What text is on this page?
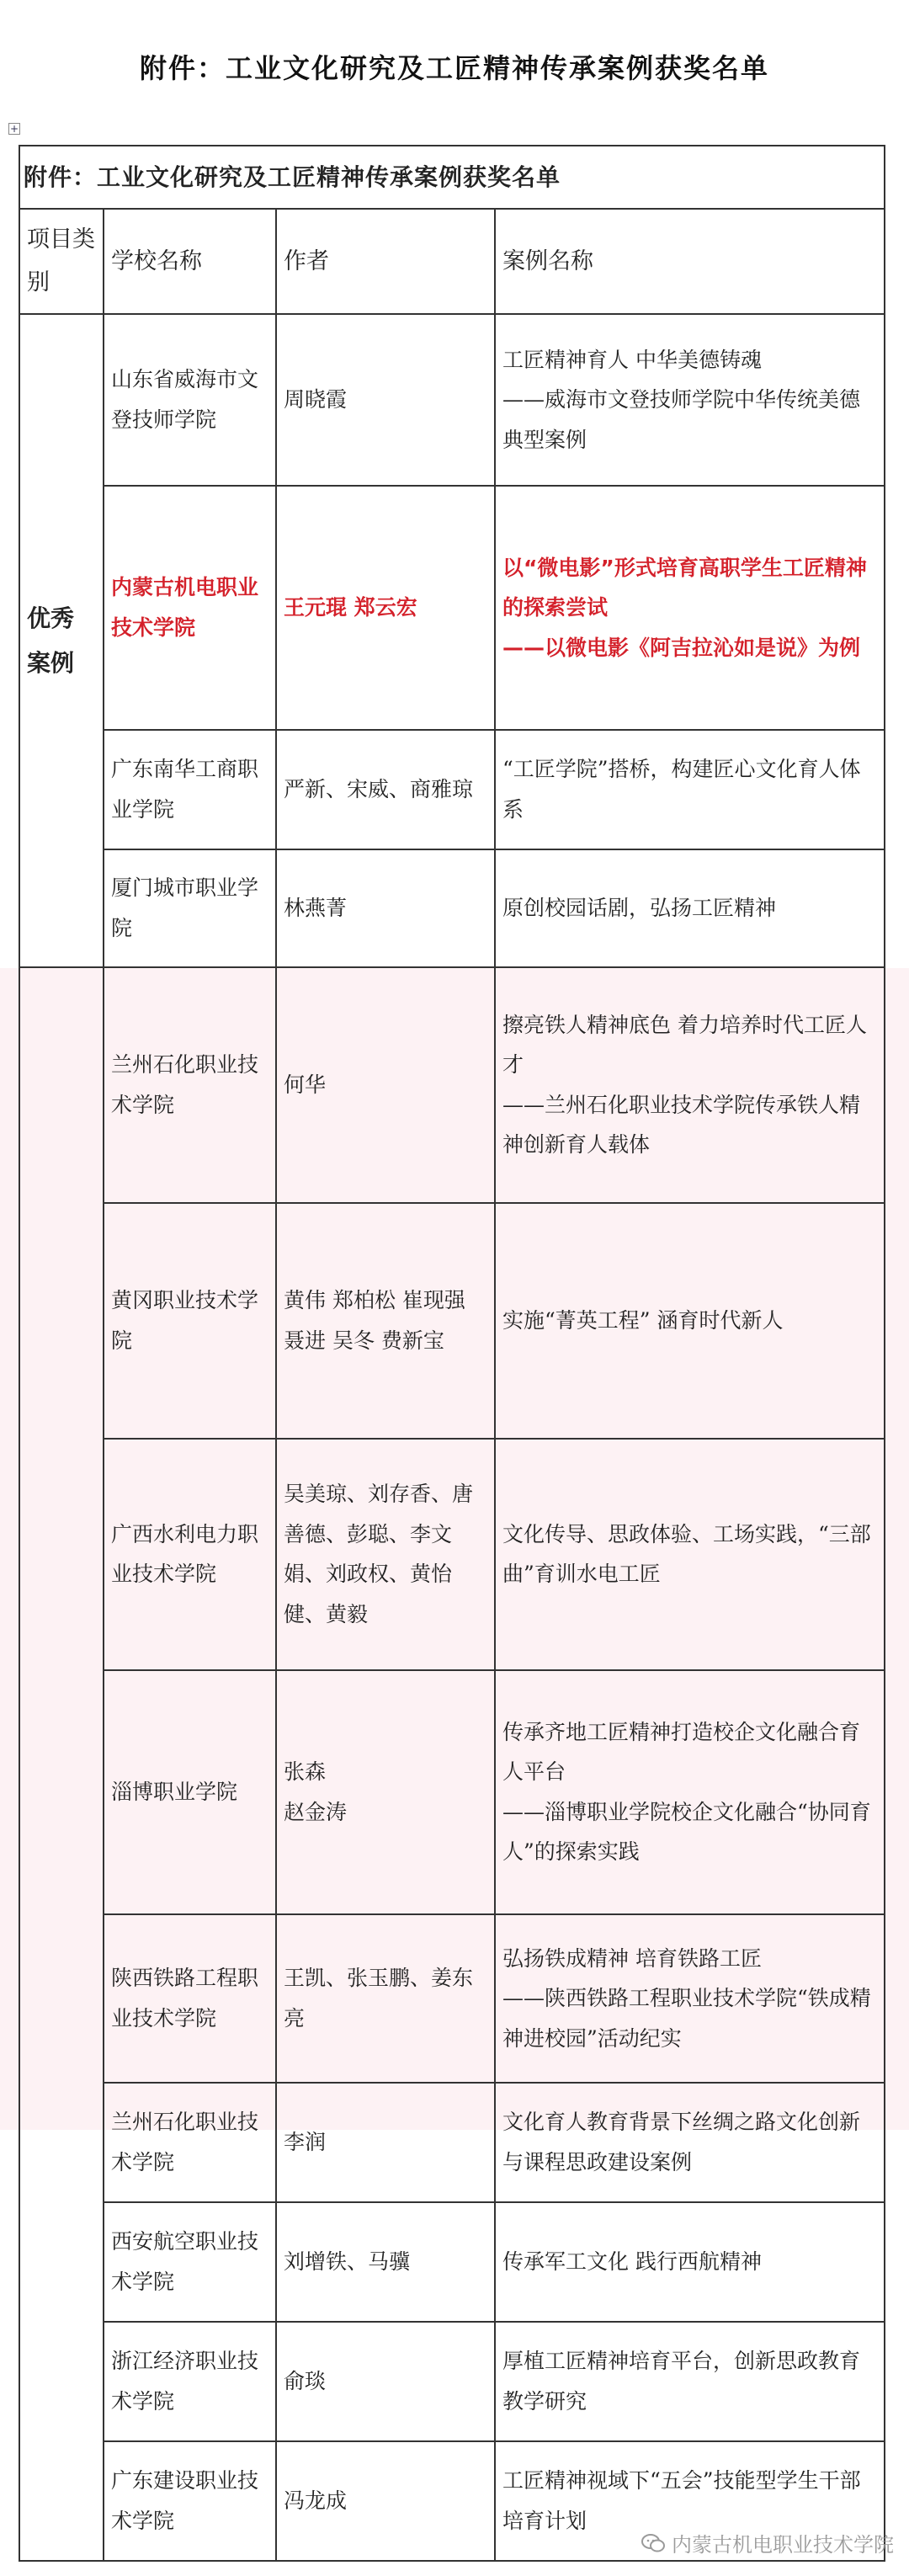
附件：工业文化研究及工匠精神传承案例获奖名单
+
附件：工业文化研究及工匠精神传承案例获奖名单			
项目类别	学校名称	作者	案例名称
优秀案例	山东省威海市文登技师学院	周晓霞	工匠精神育人 中华美德铸魂
——威海市文登技师学院中华传统美德典型案例

	内蒙古机电职业技术学院	王元琨 郑云宏	以“微电影”形式培育高职学生工匠精神的探索尝试
——以微电影《阿吉拉沁如是说》为例

	广东南华工商职业学院	严新、宋威、商雅琼	“工匠学院”搭桥，构建匠心文化育人体系

	厦门城市职业学院	林燕菁	原创校园话剧，弘扬工匠精神

	兰州石化职业技术学院	何华	擦亮铁人精神底色 着力培养时代工匠人才
——兰州石化职业技术学院传承铁人精神创新育人载体

	黄冈职业技术学院	黄伟 郑柏松 崔现强
聂进 吴冬 费新宝	实施“菁英工程” 涵育时代新人

	广西水利电力职业技术学院	吴美琼、刘存香、唐善德、彭聪、李文娟、刘政权、黄怡健、黄毅	文化传导、思政体验、工场实践，“三部曲”育训水电工匠

	淄博职业学院	张森
赵金涛	传承齐地工匠精神打造校企文化融合育人平台
——淄博职业学院校企文化融合“协同育人”的探索实践

	陕西铁路工程职业技术学院	王凯、张玉鹏、姜东亮	弘扬铁成精神 培育铁路工匠
——陕西铁路工程职业技术学院“铁成精神进校园”活动纪实

	兰州石化职业技术学院	李润	文化育人教育背景下丝绸之路文化创新与课程思政建设案例

	西安航空职业技术学院	刘增铁、马骥	传承军工文化 践行西航精神

	浙江经济职业技术学院	俞琰	厚植工匠精神培育平台，创新思政教育教学研究

	广东建设职业技术学院	冯龙成	工匠精神视域下“五会”技能型学生干部培育计划
内蒙古机电职业技术学院
